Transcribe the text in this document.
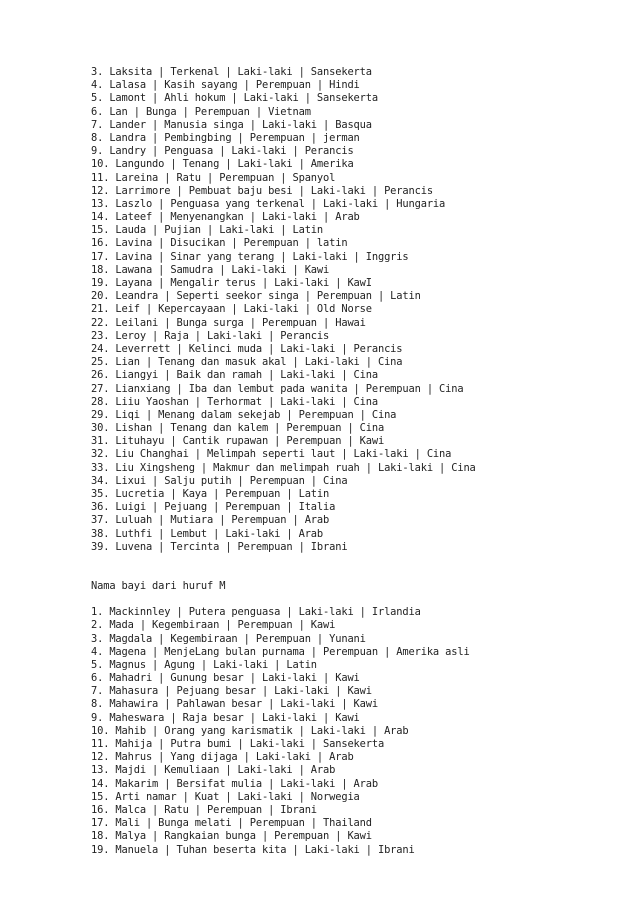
3. Laksita | Terkenal | Laki-laki | Sansekerta
4. Lalasa | Kasih sayang | Perempuan | Hindi
5. Lamont | Ahli hokum | Laki-laki | Sansekerta
6. Lan | Bunga | Perempuan | Vietnam
7. Lander | Manusia singa | Laki-laki | Basqua
8. Landra | Pembingbing | Perempuan | jerman
9. Landry | Penguasa | Laki-laki | Perancis
10. Langundo | Tenang | Laki-laki | Amerika
11. Lareina | Ratu | Perempuan | Spanyol
12. Larrimore | Pembuat baju besi | Laki-laki | Perancis
13. Laszlo | Penguasa yang terkenal | Laki-laki | Hungaria
14. Lateef | Menyenangkan | Laki-laki | Arab
15. Lauda | Pujian | Laki-laki | Latin
16. Lavina | Disucikan | Perempuan | latin
17. Lavina | Sinar yang terang | Laki-laki | Inggris
18. Lawana | Samudra | Laki-laki | Kawi
19. Layana | Mengalir terus | Laki-laki | KawI
20. Leandra | Seperti seekor singa | Perempuan | Latin
21. Leif | Kepercayaan | Laki-laki | Old Norse
22. Leilani | Bunga surga | Perempuan | Hawai
23. Leroy | Raja | Laki-laki | Perancis
24. Leverrett | Kelinci muda | Laki-laki | Perancis
25. Lian | Tenang dan masuk akal | Laki-laki | Cina
26. Liangyi | Baik dan ramah | Laki-laki | Cina
27. Lianxiang | Iba dan lembut pada wanita | Perempuan | Cina
28. Liiu Yaoshan | Terhormat | Laki-laki | Cina
29. Liqi | Menang dalam sekejab | Perempuan | Cina
30. Lishan | Tenang dan kalem | Perempuan | Cina
31. Lituhayu | Cantik rupawan | Perempuan | Kawi
32. Liu Changhai | Melimpah seperti laut | Laki-laki | Cina
33. Liu Xingsheng | Makmur dan melimpah ruah | Laki-laki | Cina
34. Lixui | Salju putih | Perempuan | Cina
35. Lucretia | Kaya | Perempuan | Latin
36. Luigi | Pejuang | Perempuan | Italia
37. Luluah | Mutiara | Perempuan | Arab
38. Luthfi | Lembut | Laki-laki | Arab
39. Luvena | Tercinta | Perempuan | Ibrani
Nama bayi dari huruf M
1. Mackinnley | Putera penguasa | Laki-laki | Irlandia
2. Mada | Kegembiraan | Perempuan | Kawi
3. Magdala | Kegembiraan | Perempuan | Yunani
4. Magena | MenjeLang bulan purnama | Perempuan | Amerika asli
5. Magnus | Agung | Laki-laki | Latin
6. Mahadri | Gunung besar | Laki-laki | Kawi
7. Mahasura | Pejuang besar | Laki-laki | Kawi
8. Mahawira | Pahlawan besar | Laki-laki | Kawi
9. Maheswara | Raja besar | Laki-laki | Kawi
10. Mahib | Orang yang karismatik | Laki-laki | Arab
11. Mahija | Putra bumi | Laki-laki | Sansekerta
12. Mahrus | Yang dijaga | Laki-laki | Arab
13. Majdi | Kemuliaan | Laki-laki | Arab
14. Makarim | Bersifat mulia | Laki-laki | Arab
15. Arti namar | Kuat | Laki-laki | Norwegia
16. Malca | Ratu | Perempuan | Ibrani
17. Mali | Bunga melati | Perempuan | Thailand
18. Malya | Rangkaian bunga | Perempuan | Kawi
19. Manuela | Tuhan beserta kita | Laki-laki | Ibrani
